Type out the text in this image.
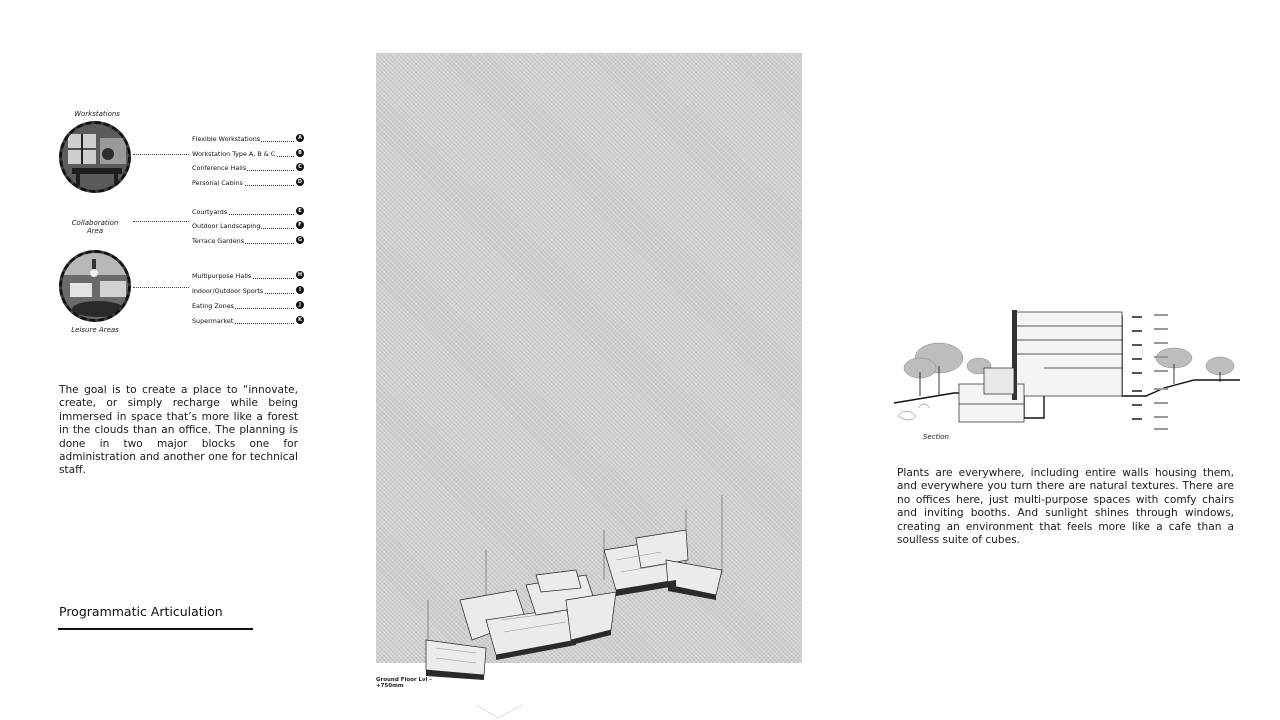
Workstations
Collaboration
Area
Leisure Areas
Flexible Workstations	A
Workstation Type A, B & C	B
Conference Halls	C
Personal Cabins	D
Courtyards	E
Outdoor Landscaping	F
Terrace Gardens	G
Multipurpose Halls	H
Indoor/Outdoor Sports	I
Eating Zones	J
Supermarket	K
The goal is to create a place to “innovate, create, or simply recharge while being immersed in space that’s more like a forest in the clouds than an office. The planning is done in two major blocks one for administration and another one for technical staff.
Programmatic Articulation
Ground Floor Lvl -
+750mm
Section
Plants are everywhere, including entire walls housing them, and everywhere you turn there are natural textures. There are no offices here, just multi-purpose spaces with comfy chairs and inviting booths. And sunlight shines through windows, creating an environment that feels more like a cafe than a soulless suite of cubes.
